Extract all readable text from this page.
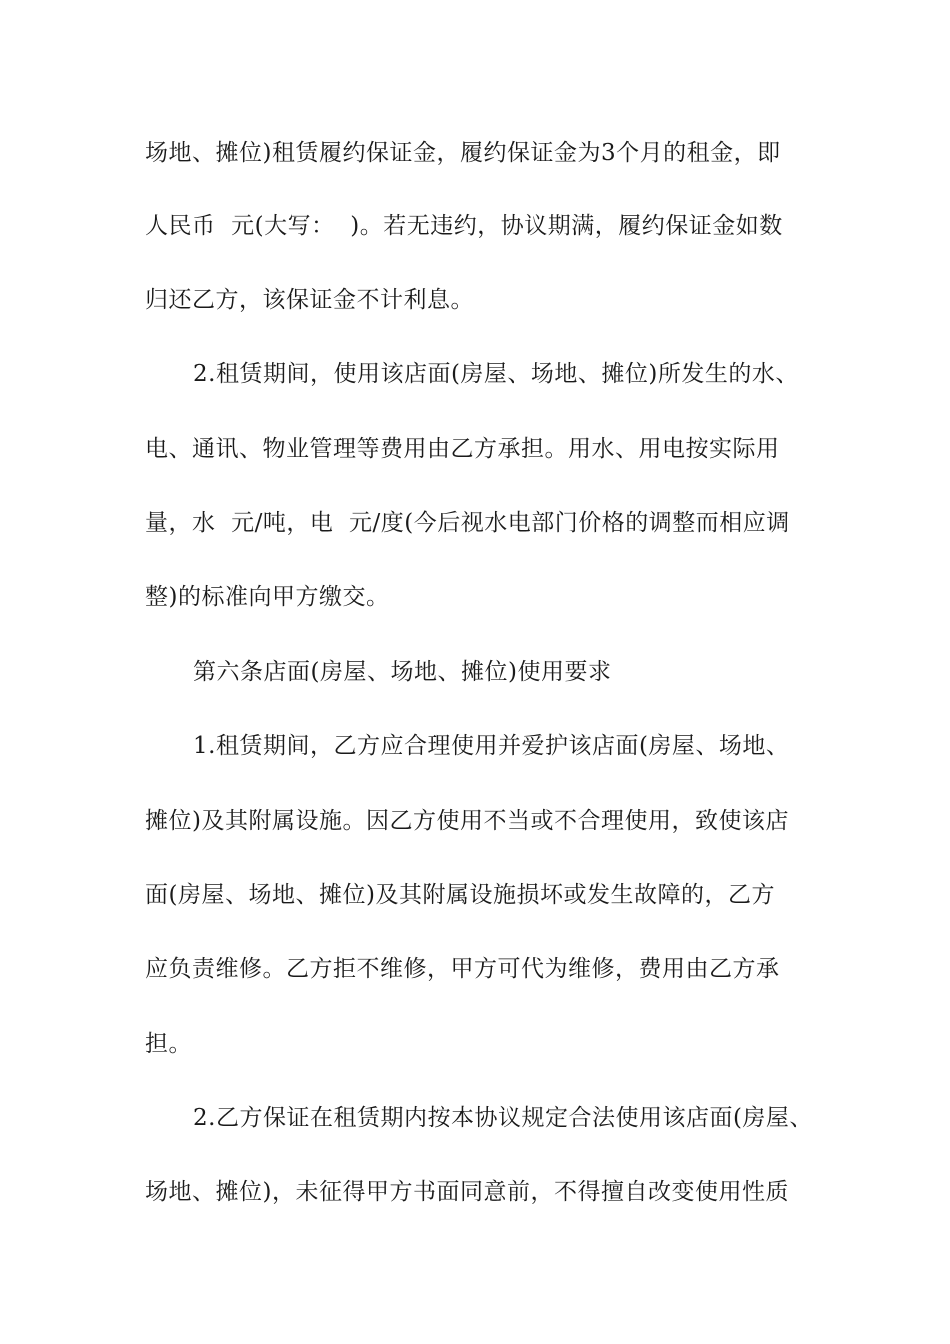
场地、摊位)租赁履约保证金，履约保证金为3个月的租金，即
人民币  元(大写：  )。若无违约，协议期满，履约保证金如数
归还乙方，该保证金不计利息。
2.租赁期间，使用该店面(房屋、场地、摊位)所发生的水、
电、通讯、物业管理等费用由乙方承担。用水、用电按实际用
量，水  元/吨，电  元/度(今后视水电部门价格的调整而相应调
整)的标准向甲方缴交。
第六条店面(房屋、场地、摊位)使用要求
1.租赁期间，乙方应合理使用并爱护该店面(房屋、场地、
摊位)及其附属设施。因乙方使用不当或不合理使用，致使该店
面(房屋、场地、摊位)及其附属设施损坏或发生故障的，乙方
应负责维修。乙方拒不维修，甲方可代为维修，费用由乙方承
担。
2.乙方保证在租赁期内按本协议规定合法使用该店面(房屋、
场地、摊位)，未征得甲方书面同意前，不得擅自改变使用性质
